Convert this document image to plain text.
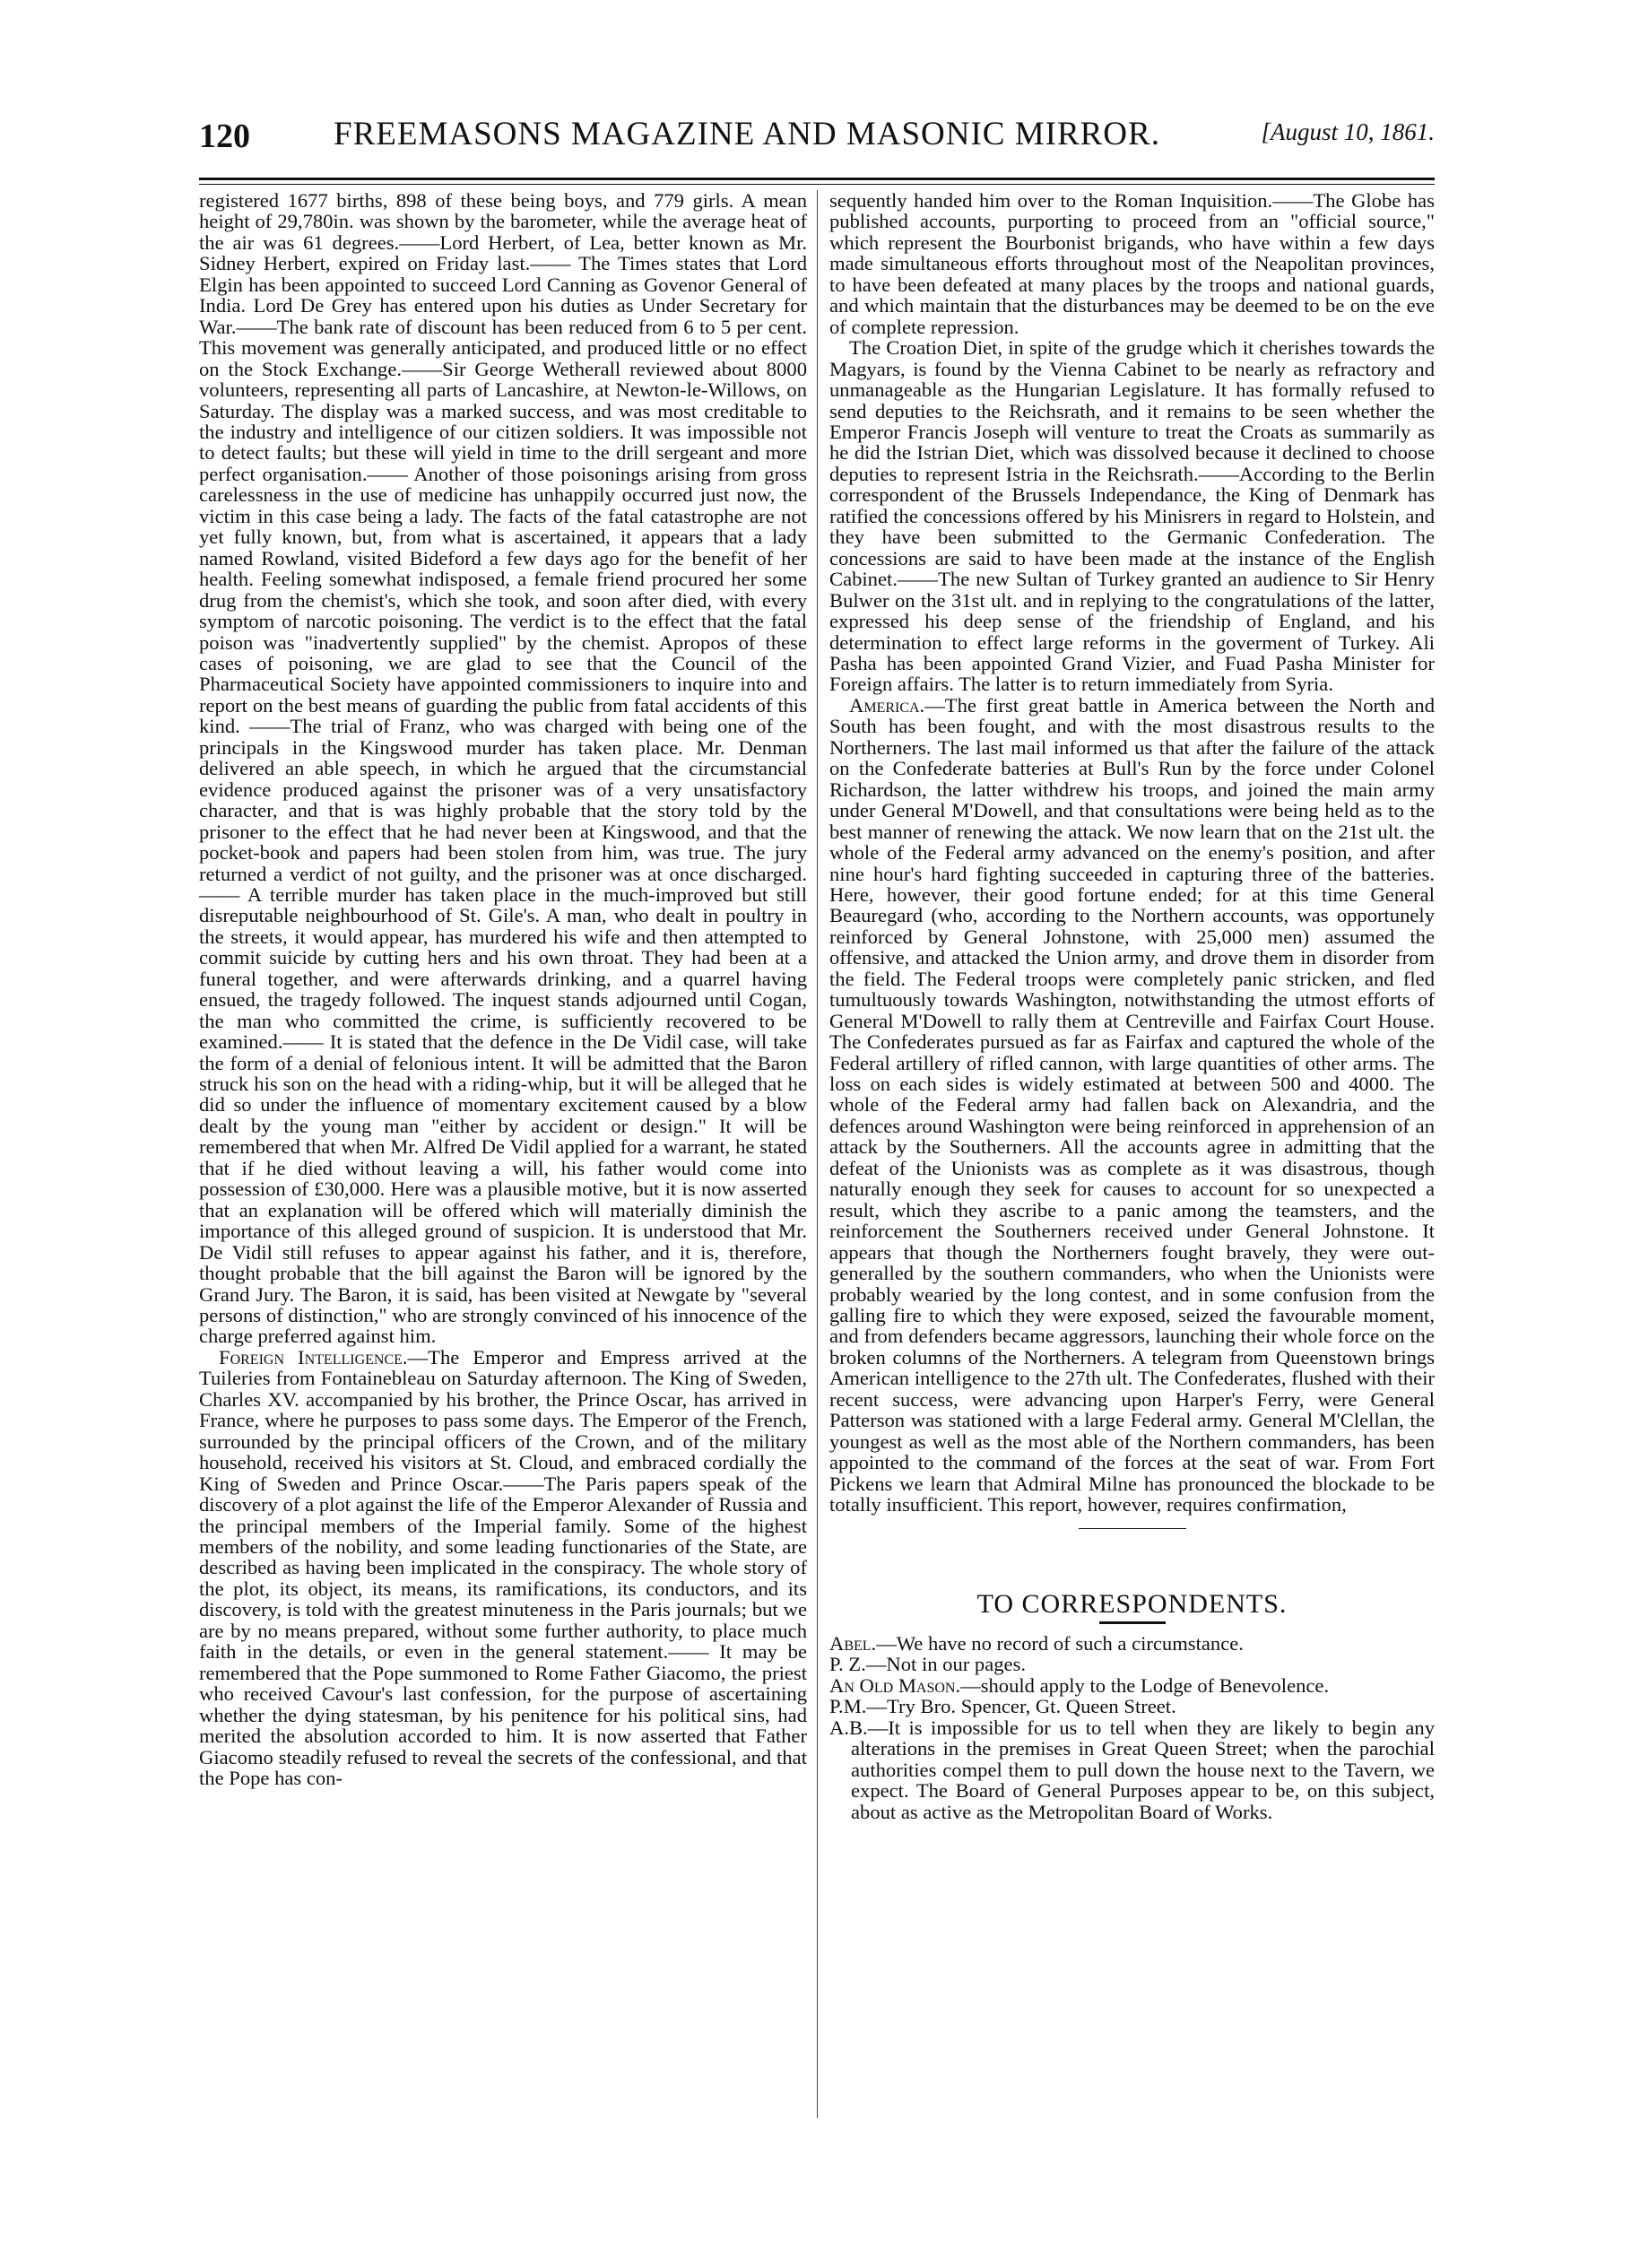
120	FREEMASONS MAGAZINE AND MASONIC MIRROR.	[August 10, 1861.

registered 1677 births, 898 of these being boys, and 779 girls. A mean height of 29,780in. was shown by the barometer, while the average heat of the air was 61 degrees.——Lord Herbert, of Lea, better known as Mr. Sidney Herbert, expired on Friday last.—— The Times states that Lord Elgin has been appointed to succeed Lord Canning as Govenor General of India. Lord De Grey has entered upon his duties as Under Secretary for War.——The bank rate of discount has been reduced from 6 to 5 per cent. This movement was generally anticipated, and produced little or no effect on the Stock Exchange.——Sir George Wetherall reviewed about 8000 volunteers, representing all parts of Lancashire, at Newton-le-Willows, on Saturday. The display was a marked success, and was most creditable to the industry and intelligence of our citizen soldiers. It was impossible not to detect faults; but these will yield in time to the drill sergeant and more perfect organisation.—— Another of those poisonings arising from gross carelessness in the use of medicine has unhappily occurred just now, the victim in this case being a lady. The facts of the fatal catastrophe are not yet fully known, but, from what is ascertained, it appears that a lady named Rowland, visited Bideford a few days ago for the benefit of her health. Feeling somewhat indisposed, a female friend procured her some drug from the chemist's, which she took, and soon after died, with every symptom of narcotic poisoning. The verdict is to the effect that the fatal poison was "inadvertently supplied" by the chemist. Apropos of these cases of poisoning, we are glad to see that the Council of the Pharmaceutical Society have appointed commissioners to inquire into and report on the best means of guarding the public from fatal accidents of this kind. ——The trial of Franz, who was charged with being one of the principals in the Kingswood murder has taken place. Mr. Denman delivered an able speech, in which he argued that the circumstancial evidence produced against the prisoner was of a very unsatisfactory character, and that is was highly probable that the story told by the prisoner to the effect that he had never been at Kingswood, and that the pocket-book and papers had been stolen from him, was true. The jury returned a verdict of not guilty, and the prisoner was at once discharged.—— A terrible murder has taken place in the much-improved but still disreputable neighbourhood of St. Gile's. A man, who dealt in poultry in the streets, it would appear, has murdered his wife and then attempted to commit suicide by cutting hers and his own throat. They had been at a funeral together, and were afterwards drinking, and a quarrel having ensued, the tragedy followed. The inquest stands adjourned until Cogan, the man who committed the crime, is sufficiently recovered to be examined.—— It is stated that the defence in the De Vidil case, will take the form of a denial of felonious intent. It will be admitted that the Baron struck his son on the head with a riding-whip, but it will be alleged that he did so under the influence of momentary excitement caused by a blow dealt by the young man "either by accident or design." It will be remembered that when Mr. Alfred De Vidil applied for a warrant, he stated that if he died without leaving a will, his father would come into possession of £30,000. Here was a plausible motive, but it is now asserted that an explanation will be offered which will materially diminish the importance of this alleged ground of suspicion. It is understood that Mr. De Vidil still refuses to appear against his father, and it is, therefore, thought probable that the bill against the Baron will be ignored by the Grand Jury. The Baron, it is said, has been visited at Newgate by "several persons of distinction," who are strongly convinced of his innocence of the charge preferred against him.

Foreign Intelligence.—The Emperor and Empress arrived at the Tuileries from Fontainebleau on Saturday afternoon. The King of Sweden, Charles XV. accompanied by his brother, the Prince Oscar, has arrived in France, where he purposes to pass some days. The Emperor of the French, surrounded by the principal officers of the Crown, and of the military household, received his visitors at St. Cloud, and embraced cordially the King of Sweden and Prince Oscar.——The Paris papers speak of the discovery of a plot against the life of the Emperor Alexander of Russia and the principal members of the Imperial family. Some of the highest members of the nobility, and some leading functionaries of the State, are described as having been implicated in the conspiracy. The whole story of the plot, its object, its means, its ramifications, its conductors, and its discovery, is told with the greatest minuteness in the Paris journals; but we are by no means prepared, without some further authority, to place much faith in the details, or even in the general statement.—— It may be remembered that the Pope summoned to Rome Father Giacomo, the priest who received Cavour's last confession, for the purpose of ascertaining whether the dying statesman, by his penitence for his political sins, had merited the absolution accorded to him. It is now asserted that Father Giacomo steadily refused to reveal the secrets of the confessional, and that the Pope has con-

sequently handed him over to the Roman Inquisition.——The Globe has published accounts, purporting to proceed from an "official source," which represent the Bourbonist brigands, who have within a few days made simultaneous efforts throughout most of the Neapolitan provinces, to have been defeated at many places by the troops and national guards, and which maintain that the disturbances may be deemed to be on the eve of complete repression.

The Croation Diet, in spite of the grudge which it cherishes towards the Magyars, is found by the Vienna Cabinet to be nearly as refractory and unmanageable as the Hungarian Legislature. It has formally refused to send deputies to the Reichsrath, and it remains to be seen whether the Emperor Francis Joseph will venture to treat the Croats as summarily as he did the Istrian Diet, which was dissolved because it declined to choose deputies to represent Istria in the Reichsrath.——According to the Berlin correspondent of the Brussels Independance, the King of Denmark has ratified the concessions offered by his Minisrers in regard to Holstein, and they have been submitted to the Germanic Confederation. The concessions are said to have been made at the instance of the English Cabinet.——The new Sultan of Turkey granted an audience to Sir Henry Bulwer on the 31st ult. and in replying to the congratulations of the latter, expressed his deep sense of the friendship of England, and his determination to effect large reforms in the goverment of Turkey. Ali Pasha has been appointed Grand Vizier, and Fuad Pasha Minister for Foreign affairs. The latter is to return immediately from Syria.

America.—The first great battle in America between the North and South has been fought, and with the most disastrous results to the Northerners. The last mail informed us that after the failure of the attack on the Confederate batteries at Bull's Run by the force under Colonel Richardson, the latter withdrew his troops, and joined the main army under General M'Dowell, and that consultations were being held as to the best manner of renewing the attack. We now learn that on the 21st ult. the whole of the Federal army advanced on the enemy's position, and after nine hour's hard fighting succeeded in capturing three of the batteries. Here, however, their good fortune ended; for at this time General Beauregard (who, according to the Northern accounts, was opportunely reinforced by General Johnstone, with 25,000 men) assumed the offensive, and attacked the Union army, and drove them in disorder from the field. The Federal troops were completely panic stricken, and fled tumultuously towards Washington, notwithstanding the utmost efforts of General M'Dowell to rally them at Centreville and Fairfax Court House. The Confederates pursued as far as Fairfax and captured the whole of the Federal artillery of rifled cannon, with large quantities of other arms. The loss on each sides is widely estimated at between 500 and 4000. The whole of the Federal army had fallen back on Alexandria, and the defences around Washington were being reinforced in apprehension of an attack by the Southerners. All the accounts agree in admitting that the defeat of the Unionists was as complete as it was disastrous, though naturally enough they seek for causes to account for so unexpected a result, which they ascribe to a panic among the teamsters, and the reinforcement the Southerners received under General Johnstone. It appears that though the Northerners fought bravely, they were out-generalled by the southern commanders, who when the Unionists were probably wearied by the long contest, and in some confusion from the galling fire to which they were exposed, seized the favourable moment, and from defenders became aggressors, launching their whole force on the broken columns of the Northerners. A telegram from Queenstown brings American intelligence to the 27th ult. The Confederates, flushed with their recent success, were advancing upon Harper's Ferry, were General Patterson was stationed with a large Federal army. General M'Clellan, the youngest as well as the most able of the Northern commanders, has been appointed to the command of the forces at the seat of war. From Fort Pickens we learn that Admiral Milne has pronounced the blockade to be totally insufficient. This report, however, requires confirmation,

TO CORRESPONDENTS.

Abel.—We have no record of such a circumstance.

P. Z.—Not in our pages.

An Old Mason.—should apply to the Lodge of Benevolence.

P.M.—Try Bro. Spencer, Gt. Queen Street.

A.B.—It is impossible for us to tell when they are likely to begin any alterations in the premises in Great Queen Street; when the parochial authorities compel them to pull down the house next to the Tavern, we expect. The Board of General Purposes appear to be, on this subject, about as active as the Metropolitan Board of Works.
